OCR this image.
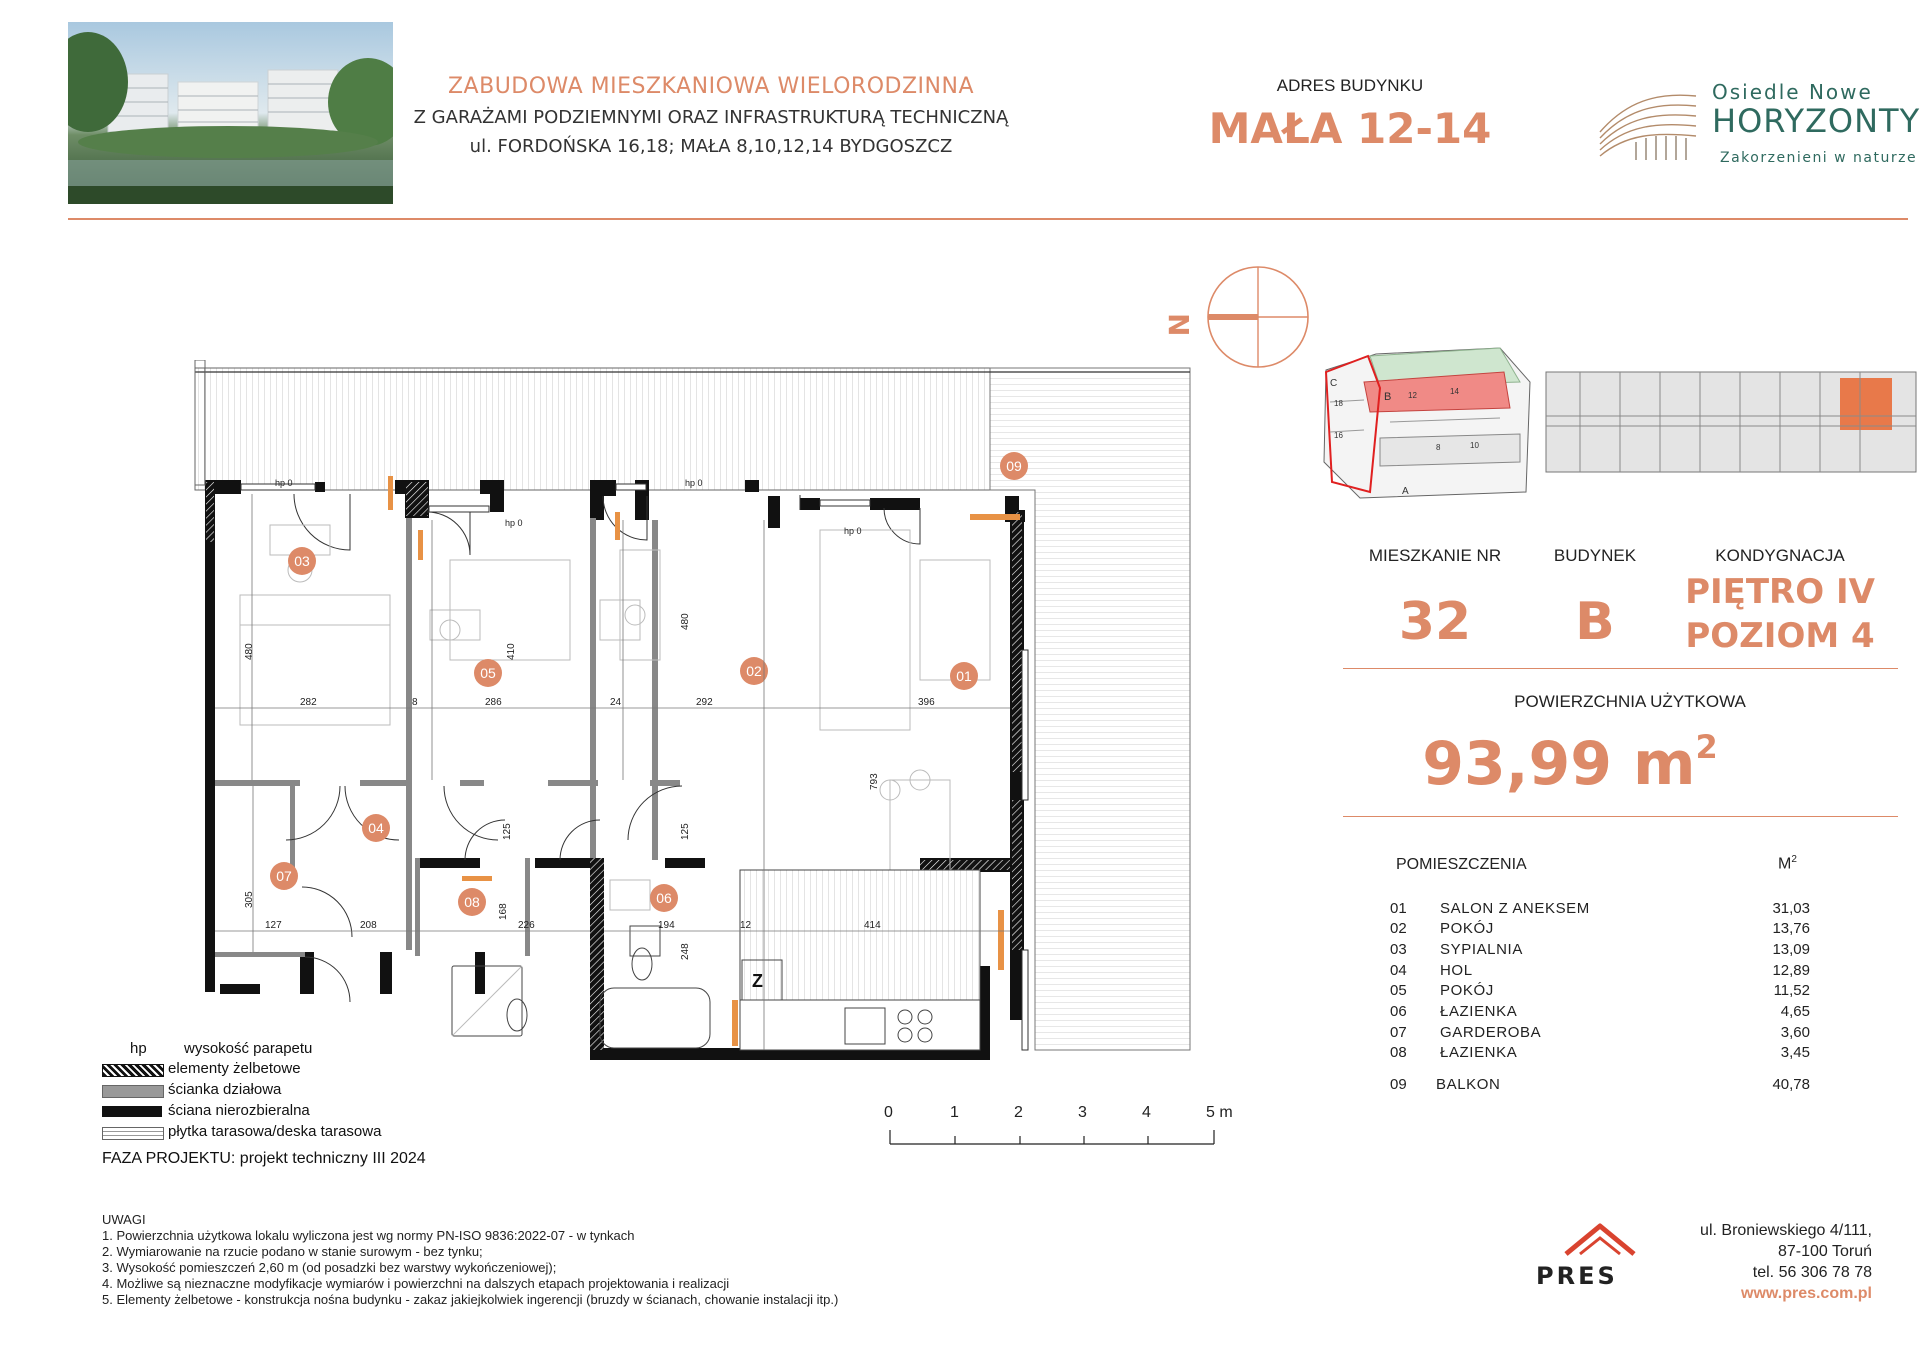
ZABUDOWA MIESZKANIOWA WIELORODZINNA
Z GARAŻAMI PODZIEMNYMI ORAZ INFRASTRUKTURĄ TECHNICZNĄ
ul. FORDOŃSKA 16,18; MAŁA 8,10,12,14 BYDGOSZCZ
ADRES BUDYNKU
MAŁA 12-14
Osiedle Nowe
HORYZONTY
Zakorzenieni w naturze
N
C
B
A
18
16
12	14
8	10
MIESZKANIE NR	BUDYNEK	KONDYGNACJA
32	B	PIĘTRO IV
POZIOM 4
POWIERZCHNIA UŻYTKOWA
93,99 $m^2$
POMIESZCZENIA	$M^2$
01 SALON Z ANEKSEM	31,03
02 POKÓJ	13,76
03 SYPIALNIA	13,09
04 HOL	12,89
05 POKÓJ	11,52
06 ŁAZIENKA	4,65
07 GARDEROBA	3,60
08 ŁAZIENKA	3,45
09 BALKON	40,78
Z
01
02
03
04
05
06
07
08
09
282	286	292	396
480	410
480
793
305
127	208	226	194	414
168
125	125
248
8	24
12
hp 0
hp 0
hp 0
hp 0
hp wysokość parapetu
elementy żelbetowe
ścianka działowa
ściana nierozbieralna
płytka tarasowa/deska tarasowa
FAZA PROJEKTU: projekt techniczny III 2024
0	1	2	3	4	5 m
UWAGI
1. Powierzchnia użytkowa lokalu wyliczona jest wg normy PN-ISO 9836:2022-07 - w tynkach
2. Wymiarowanie na rzucie podano w stanie surowym - bez tynku;
3. Wysokość pomieszczeń 2,60 m (od posadzki bez warstwy wykończeniowej);
4. Możliwe są nieznaczne modyfikacje wymiarów i powierzchni na dalszych etapach projektowania i realizacji
5. Elementy żelbetowe - konstrukcja nośna budynku - zakaz jakiejkolwiek ingerencji (bruzdy w ścianach, chowanie instalacji itp.)
PRES
ul. Broniewskiego 4/111,
87-100 Toruń
tel. 56 306 78 78
www.pres.com.pl
